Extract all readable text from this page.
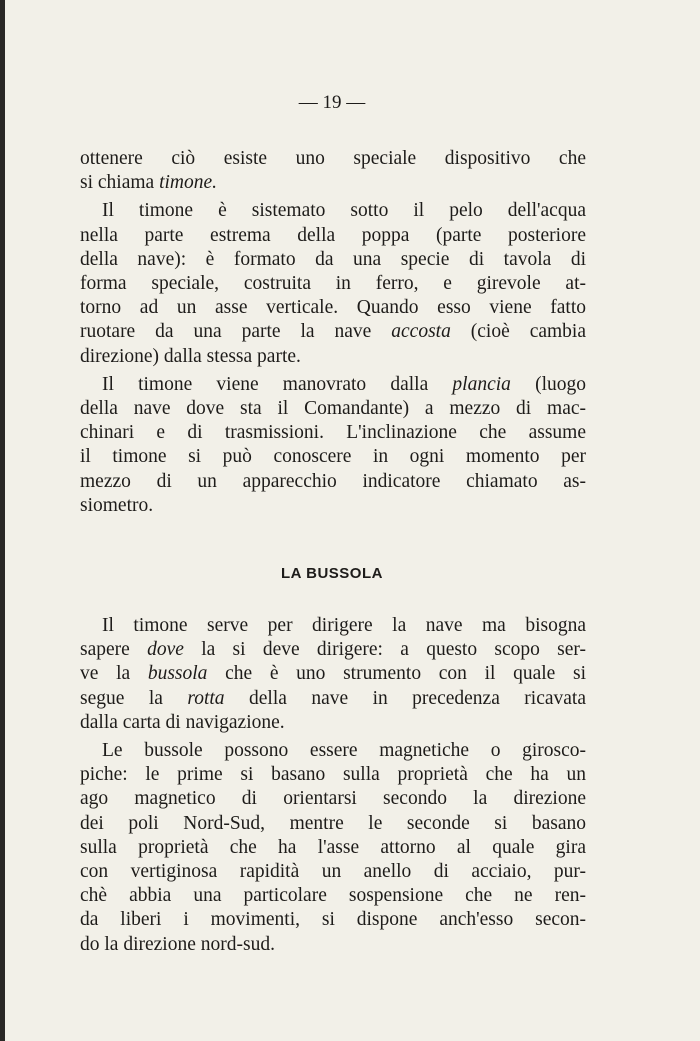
— 19 —
ottenere ciò esiste uno speciale dispositivo che
si chiama timone.
Il timone è sistemato sotto il pelo dell'acqua
nella parte estrema della poppa (parte posteriore
della nave): è formato da una specie di tavola di
forma speciale, costruita in ferro, e girevole at-
torno ad un asse verticale. Quando esso viene fatto
ruotare da una parte la nave accosta (cioè cambia
direzione) dalla stessa parte.
Il timone viene manovrato dalla plancia (luogo
della nave dove sta il Comandante) a mezzo di mac-
chinari e di trasmissioni. L'inclinazione che assume
il timone si può conoscere in ogni momento per
mezzo di un apparecchio indicatore chiamato as-
siometro.
LA BUSSOLA
Il timone serve per dirigere la nave ma bisogna
sapere dove la si deve dirigere: a questo scopo ser-
ve la bussola che è uno strumento con il quale si
segue la rotta della nave in precedenza ricavata
dalla carta di navigazione.
Le bussole possono essere magnetiche o girosco-
piche: le prime si basano sulla proprietà che ha un
ago magnetico di orientarsi secondo la direzione
dei poli Nord-Sud, mentre le seconde si basano
sulla proprietà che ha l'asse attorno al quale gira
con vertiginosa rapidità un anello di acciaio, pur-
chè abbia una particolare sospensione che ne ren-
da liberi i movimenti, si dispone anch'esso secon-
do la direzione nord-sud.
